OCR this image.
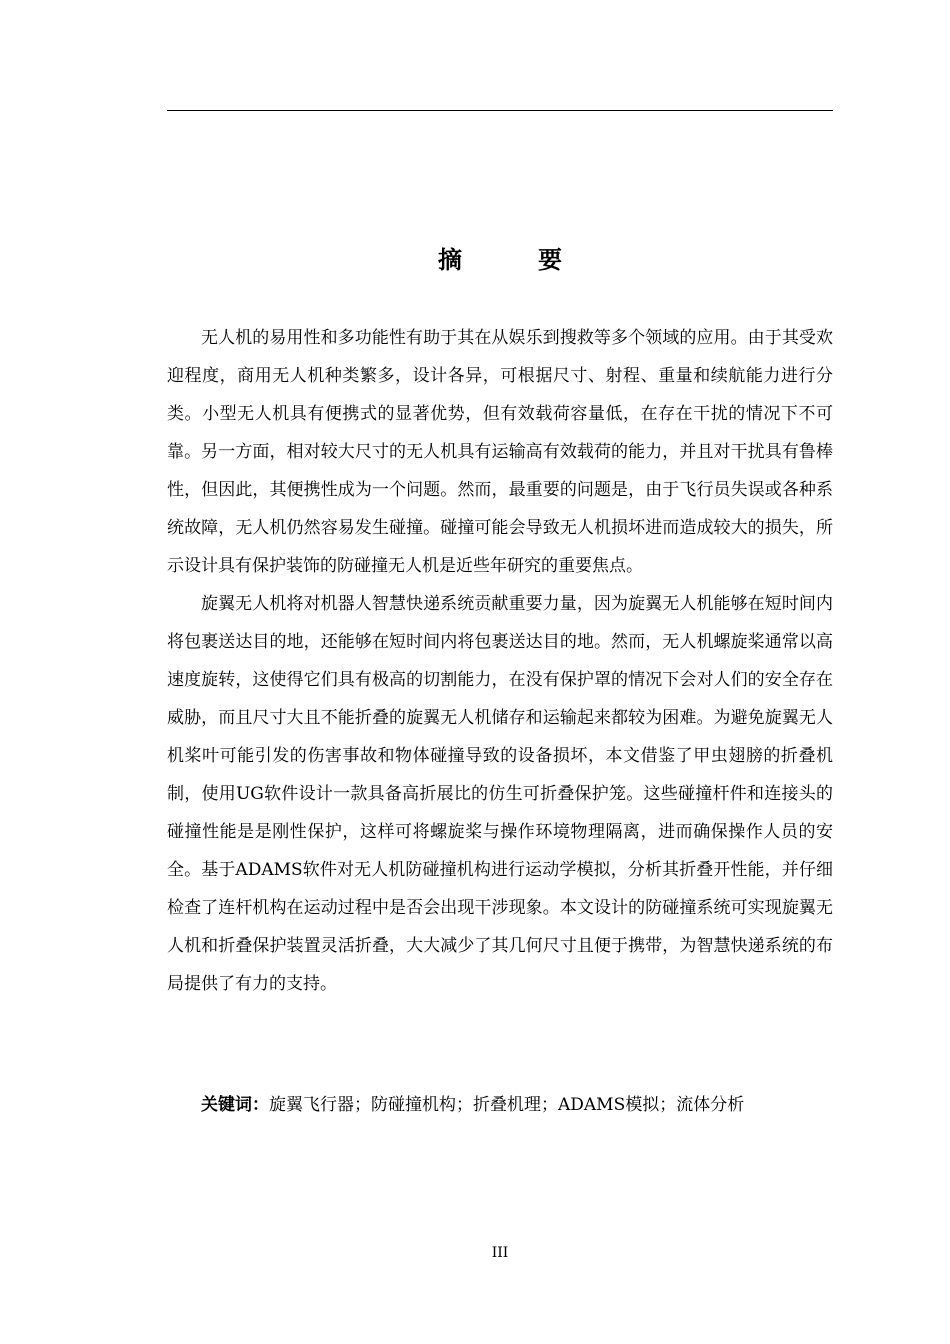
摘　要

无人机的易用性和多功能性有助于其在从娱乐到搜救等多个领域的应用。由于其受欢迎程度，商用无人机种类繁多，设计各异，可根据尺寸、射程、重量和续航能力进行分类。小型无人机具有便携式的显著优势，但有效载荷容量低，在存在干扰的情况下不可靠。另一方面，相对较大尺寸的无人机具有运输高有效载荷的能力，并且对干扰具有鲁棒性，但因此，其便携性成为一个问题。然而，最重要的问题是，由于飞行员失误或各种系统故障，无人机仍然容易发生碰撞。碰撞可能会导致无人机损坏进而造成较大的损失，所示设计具有保护装饰的防碰撞无人机是近些年研究的重要焦点。

旋翼无人机将对机器人智慧快递系统贡献重要力量，因为旋翼无人机能够在短时间内将包裹送达目的地，还能够在短时间内将包裹送达目的地。然而，无人机螺旋桨通常以高速度旋转，这使得它们具有极高的切割能力，在没有保护罩的情况下会对人们的安全存在威胁，而且尺寸大且不能折叠的旋翼无人机储存和运输起来都较为困难。为避免旋翼无人机桨叶可能引发的伤害事故和物体碰撞导致的设备损坏，本文借鉴了甲虫翅膀的折叠机制，使用UG软件设计一款具备高折展比的仿生可折叠保护笼。这些碰撞杆件和连接头的碰撞性能是是刚性保护，这样可将螺旋桨与操作环境物理隔离，进而确保操作人员的安全。基于ADAMS软件对无人机防碰撞机构进行运动学模拟，分析其折叠开性能，并仔细检查了连杆机构在运动过程中是否会出现干涉现象。本文设计的防碰撞系统可实现旋翼无人机和折叠保护装置灵活折叠，大大减少了其几何尺寸且便于携带，为智慧快递系统的布局提供了有力的支持。

关键词：旋翼飞行器；防碰撞机构；折叠机理；ADAMS模拟；流体分析
III
